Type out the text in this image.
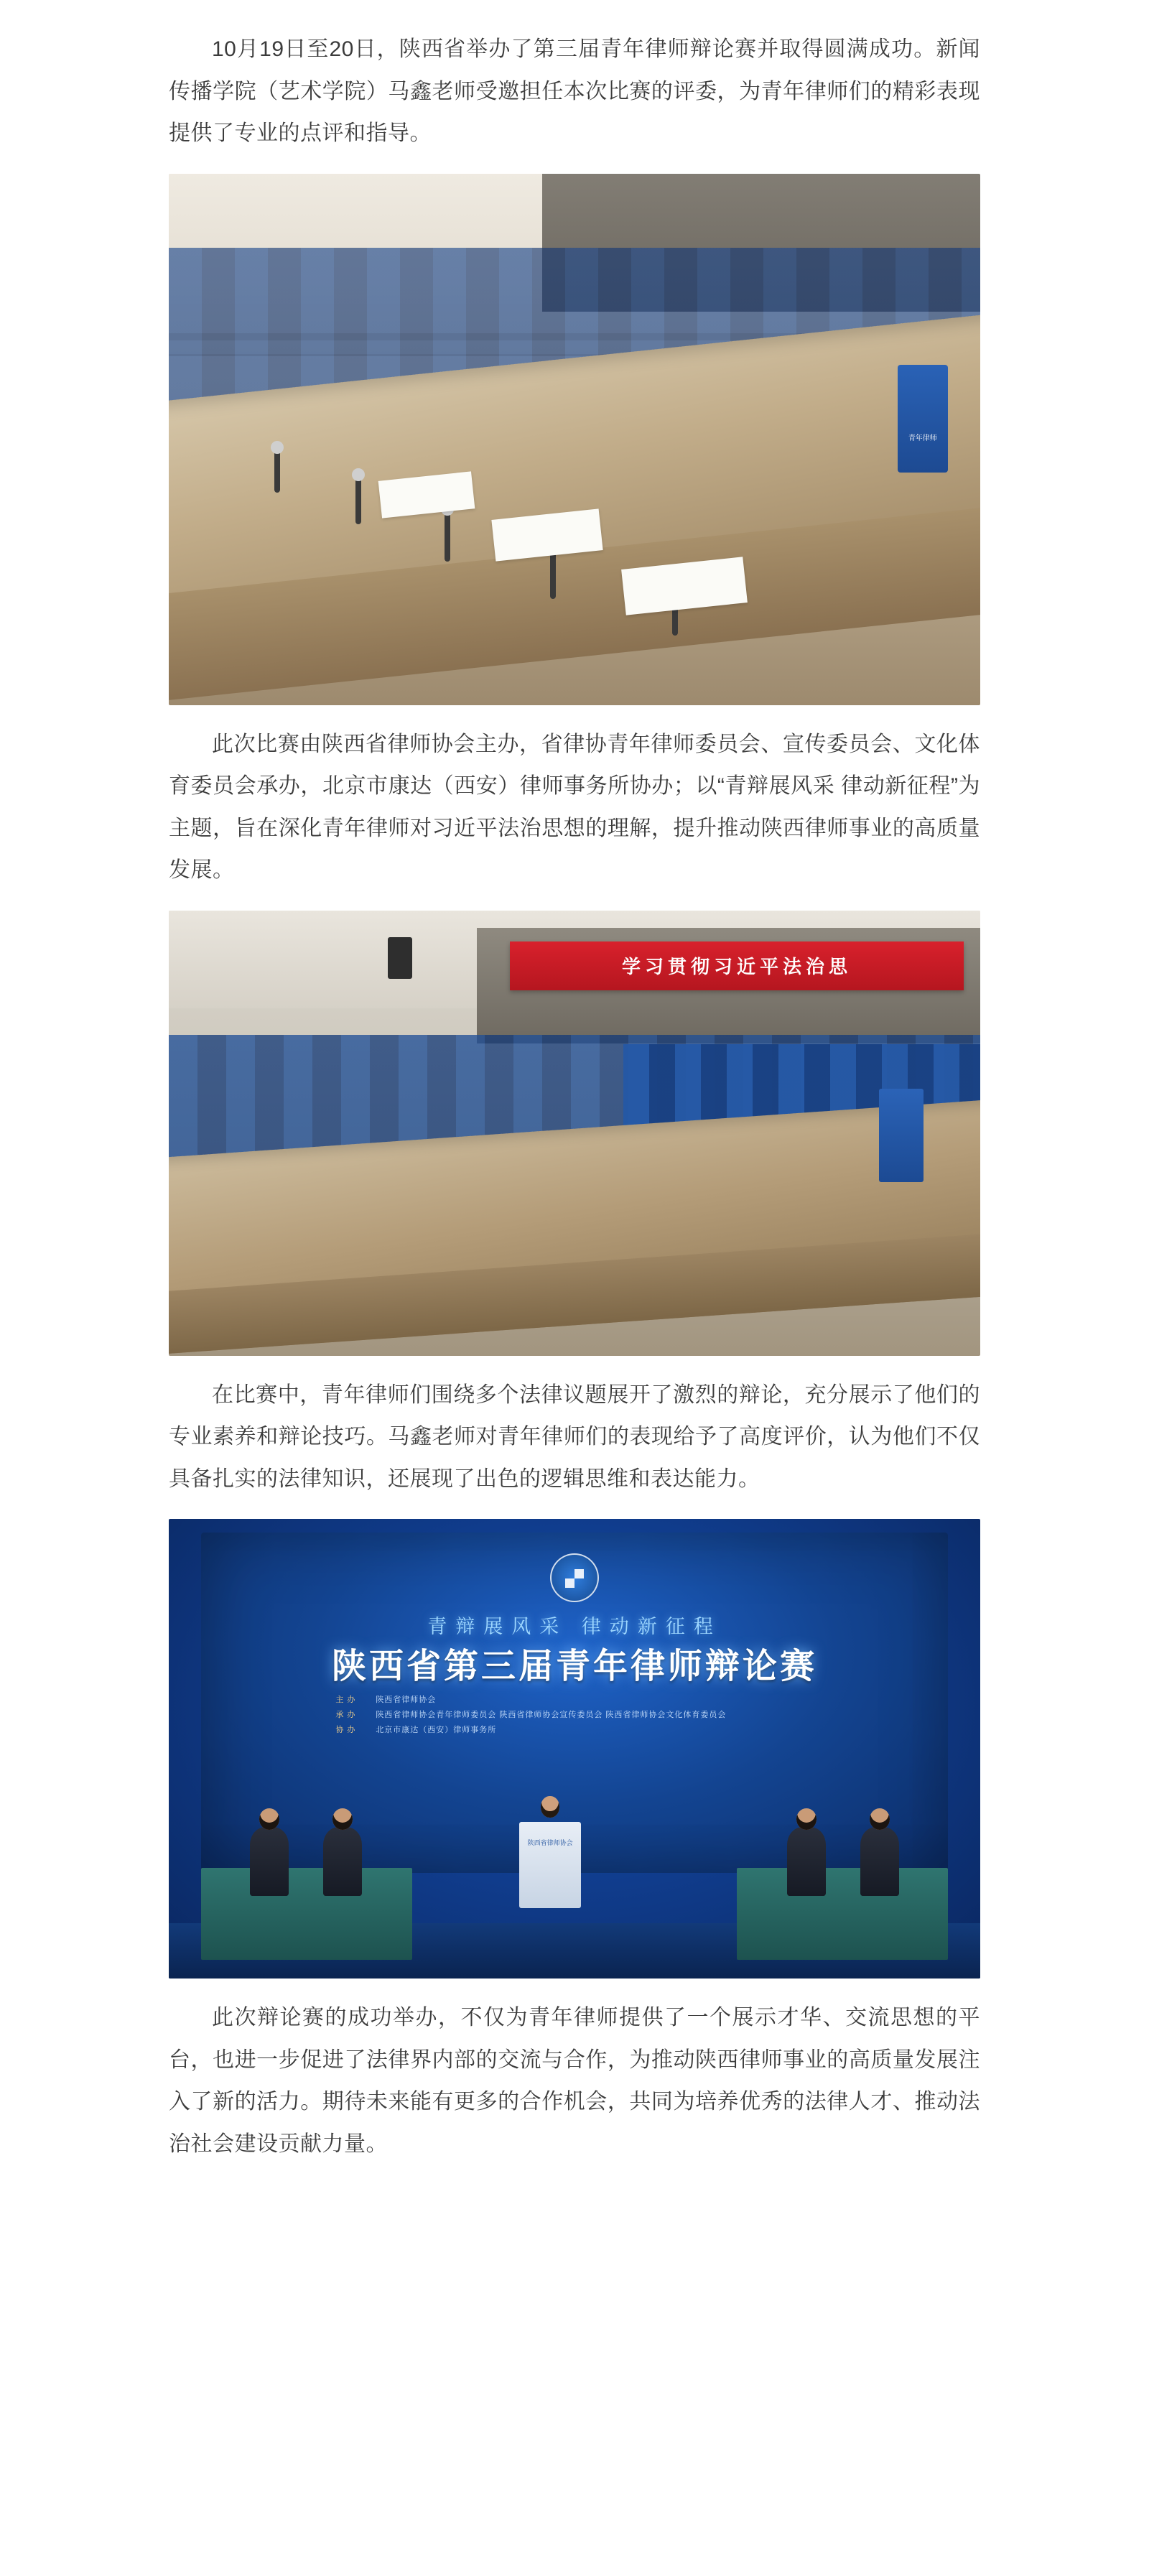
10月19日至20日，陕西省举办了第三届青年律师辩论赛并取得圆满成功。新闻传播学院（艺术学院）马鑫老师受邀担任本次比赛的评委，为青年律师们的精彩表现提供了专业的点评和指导。

青年律师

此次比赛由陕西省律师协会主办，省律协青年律师委员会、宣传委员会、文化体育委员会承办，北京市康达（西安）律师事务所协办；以“青辩展风采 律动新征程”为主题，旨在深化青年律师对习近平法治思想的理解，提升推动陕西律师事业的高质量发展。

学习贯彻习近平法治思

在比赛中，青年律师们围绕多个法律议题展开了激烈的辩论，充分展示了他们的专业素养和辩论技巧。马鑫老师对青年律师们的表现给予了高度评价，认为他们不仅具备扎实的法律知识，还展现了出色的逻辑思维和表达能力。

青辩展风采 律动新征程
陕西省第三届青年律师辩论赛
主 办	陕西省律师协会
承 办	陕西省律师协会青年律师委员会 陕西省律师协会宣传委员会 陕西省律师协会文化体育委员会
协 办	北京市康达（西安）律师事务所
陕西省律师协会

此次辩论赛的成功举办，不仅为青年律师提供了一个展示才华、交流思想的平台，也进一步促进了法律界内部的交流与合作，为推动陕西律师事业的高质量发展注入了新的活力。期待未来能有更多的合作机会，共同为培养优秀的法律人才、推动法治社会建设贡献力量。
